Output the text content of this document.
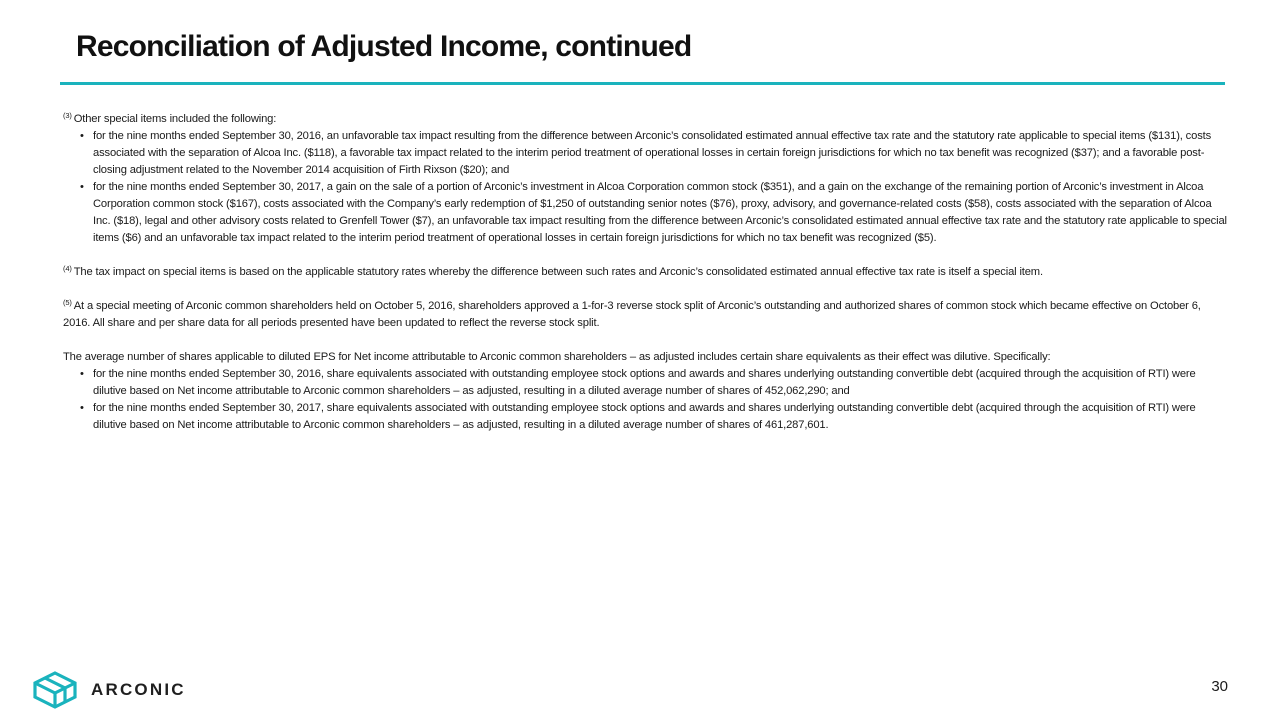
Reconciliation of Adjusted Income, continued

$^{(3)}$ Other special items included the following:

• for the nine months ended September 30, 2016, an unfavorable tax impact resulting from the difference between Arconic’s consolidated estimated annual effective tax rate and the statutory rate applicable to special items ($131), costs associated with the separation of Alcoa Inc. ($118), a favorable tax impact related to the interim period treatment of operational losses in certain foreign jurisdictions for which no tax benefit was recognized ($37); and a favorable post-closing adjustment related to the November 2014 acquisition of Firth Rixson ($20); and
• for the nine months ended September 30, 2017, a gain on the sale of a portion of Arconic’s investment in Alcoa Corporation common stock ($351), and a gain on the exchange of the remaining portion of Arconic’s investment in Alcoa Corporation common stock ($167), costs associated with the Company’s early redemption of $1,250 of outstanding senior notes ($76), proxy, advisory, and governance-related costs ($58), costs associated with the separation of Alcoa Inc. ($18), legal and other advisory costs related to Grenfell Tower ($7), an unfavorable tax impact resulting from the difference between Arconic’s consolidated estimated annual effective tax rate and the statutory rate applicable to special items ($6) and an unfavorable tax impact related to the interim period treatment of operational losses in certain foreign jurisdictions for which no tax benefit was recognized ($5).

$^{(4)}$ The tax impact on special items is based on the applicable statutory rates whereby the difference between such rates and Arconic’s consolidated estimated annual effective tax rate is itself a special item.

$^{(5)}$ At a special meeting of Arconic common shareholders held on October 5, 2016, shareholders approved a 1-for-3 reverse stock split of Arconic’s outstanding and authorized shares of common stock which became effective on October 6, 2016. All share and per share data for all periods presented have been updated to reflect the reverse stock split.

The average number of shares applicable to diluted EPS for Net income attributable to Arconic common shareholders – as adjusted includes certain share equivalents as their effect was dilutive. Specifically:

• for the nine months ended September 30, 2016, share equivalents associated with outstanding employee stock options and awards and shares underlying outstanding convertible debt (acquired through the acquisition of RTI) were dilutive based on Net income attributable to Arconic common shareholders – as adjusted, resulting in a diluted average number of shares of 452,062,290; and
• for the nine months ended September 30, 2017, share equivalents associated with outstanding employee stock options and awards and shares underlying outstanding convertible debt (acquired through the acquisition of RTI) were dilutive based on Net income attributable to Arconic common shareholders – as adjusted, resulting in a diluted average number of shares of 461,287,601.
ARCONIC	30
